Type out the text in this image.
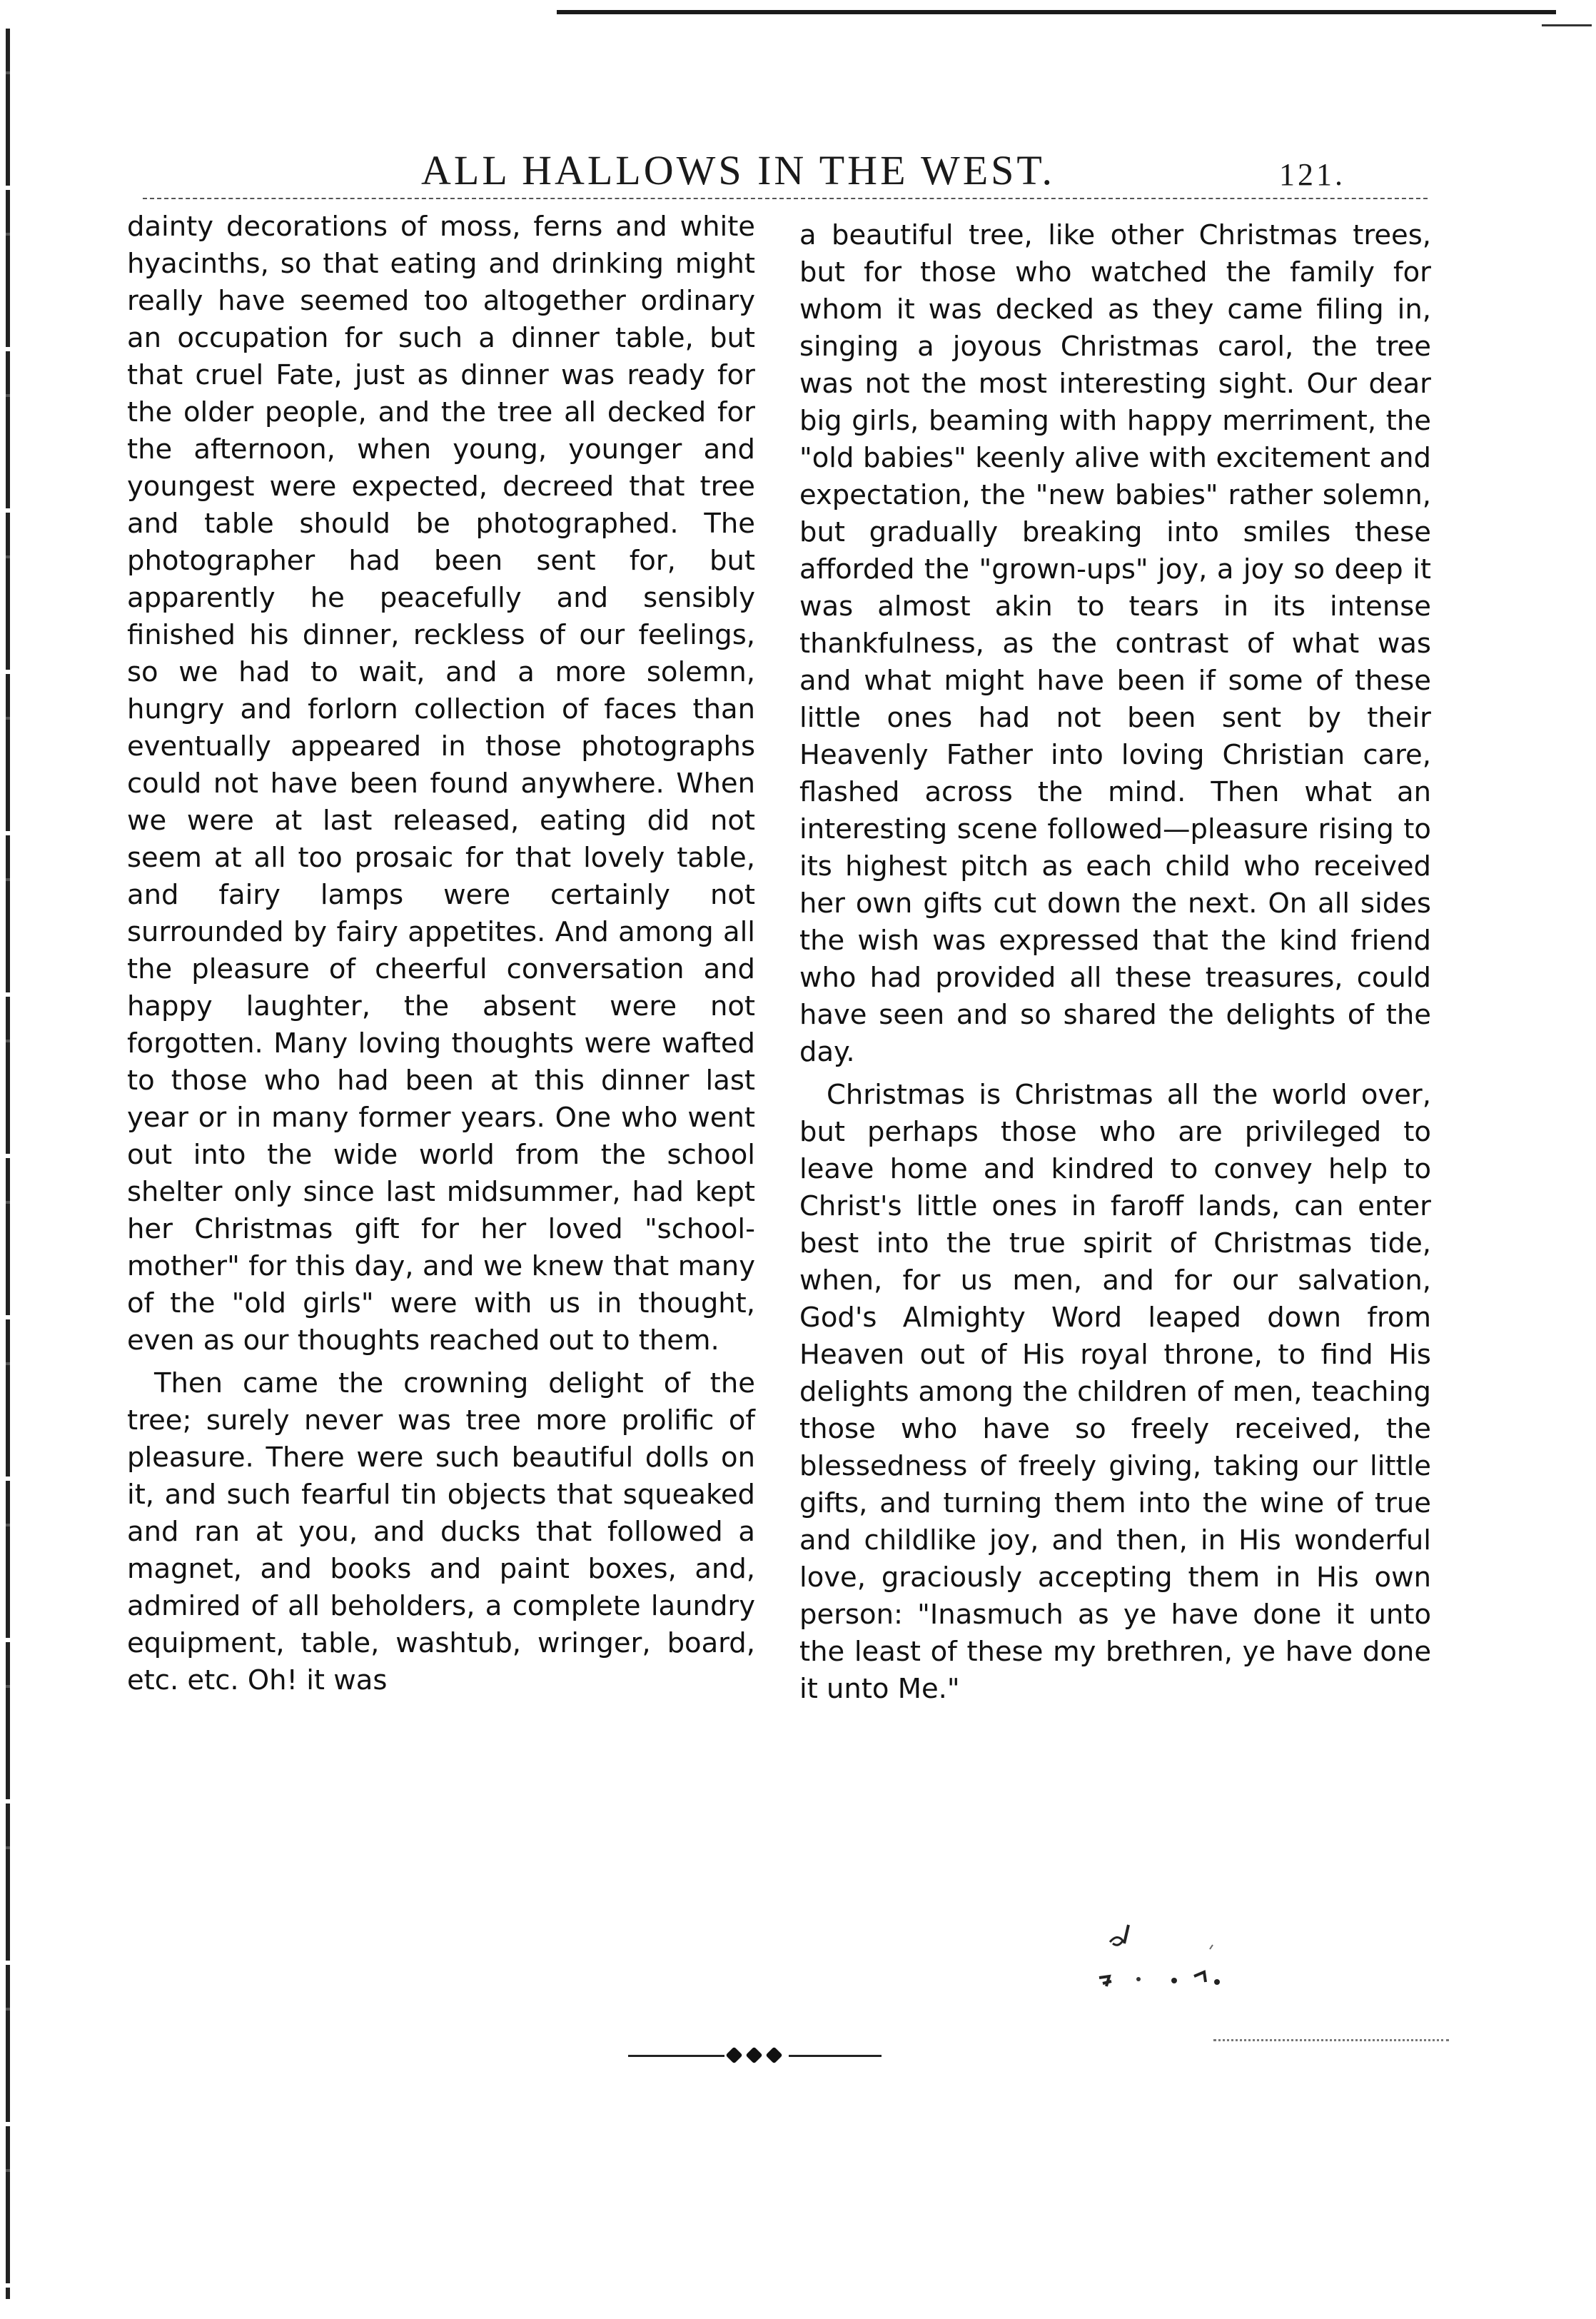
ALL HALLOWS IN THE WEST.	121.

dainty decorations of moss, ferns and white hyacinths, so that eating and drinking might really have seemed too altogether ordinary an occupation for such a dinner table, but that cruel Fate, just as dinner was ready for the older people, and the tree all decked for the afternoon, when young, younger and youngest were expected, decreed that tree and table should be photographed. The photographer had been sent for, but apparently he peacefully and sensibly finished his dinner, reckless of our feelings, so we had to wait, and a more solemn, hungry and forlorn collection of faces than eventually appeared in those photographs could not have been found anywhere. When we were at last released, eating did not seem at all too prosaic for that lovely table, and fairy lamps were certainly not surrounded by fairy appetites. And among all the pleasure of cheerful conversation and happy laughter, the absent were not forgotten. Many loving thoughts were wafted to those who had been at this dinner last year or in many former years. One who went out into the wide world from the school shelter only since last midsummer, had kept her Christmas gift for her loved "school-mother" for this day, and we knew that many of the "old girls" were with us in thought, even as our thoughts reached out to them.

Then came the crowning delight of the tree; surely never was tree more prolific of pleasure. There were such beautiful dolls on it, and such fearful tin objects that squeaked and ran at you, and ducks that followed a magnet, and books and paint boxes, and, admired of all beholders, a complete laundry equipment, table, washtub, wringer, board, etc. etc. Oh! it was

a beautiful tree, like other Christmas trees, but for those who watched the family for whom it was decked as they came filing in, singing a joyous Christmas carol, the tree was not the most interesting sight. Our dear big girls, beaming with happy merriment, the "old babies" keenly alive with excitement and expectation, the "new babies" rather solemn, but gradually breaking into smiles these afforded the "grown-ups" joy, a joy so deep it was almost akin to tears in its intense thankfulness, as the contrast of what was and what might have been if some of these little ones had not been sent by their Heavenly Father into loving Christian care, flashed across the mind. Then what an interesting scene followed—pleasure rising to its highest pitch as each child who received her own gifts cut down the next. On all sides the wish was expressed that the kind friend who had provided all these treasures, could have seen and so shared the delights of the day.

Christmas is Christmas all the world over, but perhaps those who are privileged to leave home and kindred to convey help to Christ's little ones in faroff lands, can enter best into the true spirit of Christmas tide, when, for us men, and for our salvation, God's Almighty Word leaped down from Heaven out of His royal throne, to find His delights among the children of men, teaching those who have so freely received, the blessedness of freely giving, taking our little gifts, and turning them into the wine of true and childlike joy, and then, in His wonderful love, graciously accepting them in His own person: "Inasmuch as ye have done it unto the least of these my brethren, ye have done it unto Me."
